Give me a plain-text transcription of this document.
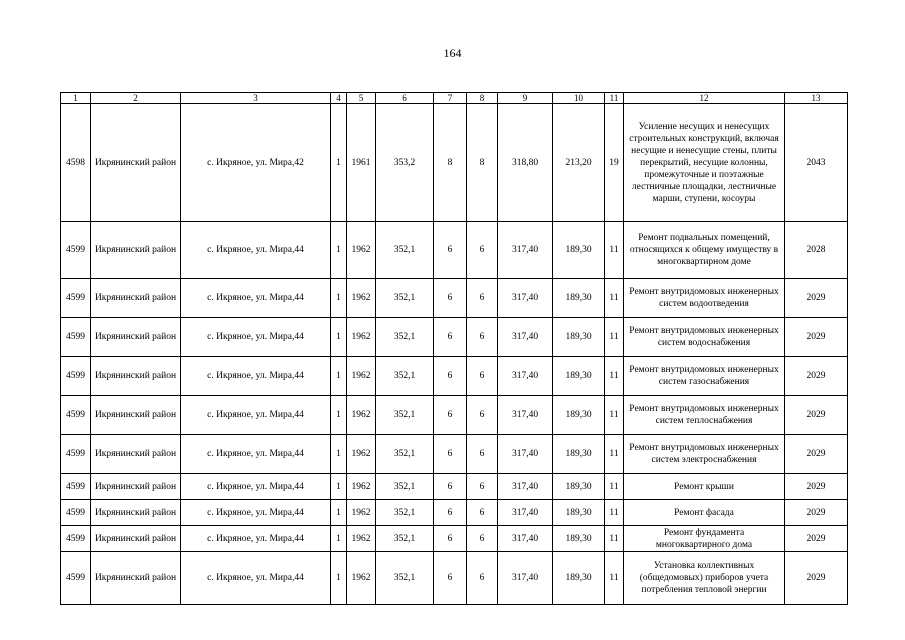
164
1	2	3	4	5	6	7	8	9	10	11	12	13
4598	Икрянинский район	с. Икряное, ул. Мира,42	1	1961	353,2	8	8	318,80	213,20	19	Усиление несущих и ненесущих строительных конструкций, включая несущие и ненесущие стены, плиты перекрытий, несущие колонны, промежуточные и поэтажные лестничные площадки, лестничные марши, ступени, косоуры	2043
4599	Икрянинский район	с. Икряное, ул. Мира,44	1	1962	352,1	6	6	317,40	189,30	11	Ремонт подвальных помещений, относящихся к общему имуществу в многоквартирном доме	2028
4599	Икрянинский район	с. Икряное, ул. Мира,44	1	1962	352,1	6	6	317,40	189,30	11	Ремонт внутридомовых инженерных систем водоотведения	2029
4599	Икрянинский район	с. Икряное, ул. Мира,44	1	1962	352,1	6	6	317,40	189,30	11	Ремонт внутридомовых инженерных систем водоснабжения	2029
4599	Икрянинский район	с. Икряное, ул. Мира,44	1	1962	352,1	6	6	317,40	189,30	11	Ремонт внутридомовых инженерных систем газоснабжения	2029
4599	Икрянинский район	с. Икряное, ул. Мира,44	1	1962	352,1	6	6	317,40	189,30	11	Ремонт внутридомовых инженерных систем теплоснабжения	2029
4599	Икрянинский район	с. Икряное, ул. Мира,44	1	1962	352,1	6	6	317,40	189,30	11	Ремонт внутридомовых инженерных систем электроснабжения	2029
4599	Икрянинский район	с. Икряное, ул. Мира,44	1	1962	352,1	6	6	317,40	189,30	11	Ремонт крыши	2029
4599	Икрянинский район	с. Икряное, ул. Мира,44	1	1962	352,1	6	6	317,40	189,30	11	Ремонт фасада	2029
4599	Икрянинский район	с. Икряное, ул. Мира,44	1	1962	352,1	6	6	317,40	189,30	11	Ремонт фундамента многоквартирного дома	2029
4599	Икрянинский район	с. Икряное, ул. Мира,44	1	1962	352,1	6	6	317,40	189,30	11	Установка коллективных (общедомовых) приборов учета потребления тепловой энергии	2029
